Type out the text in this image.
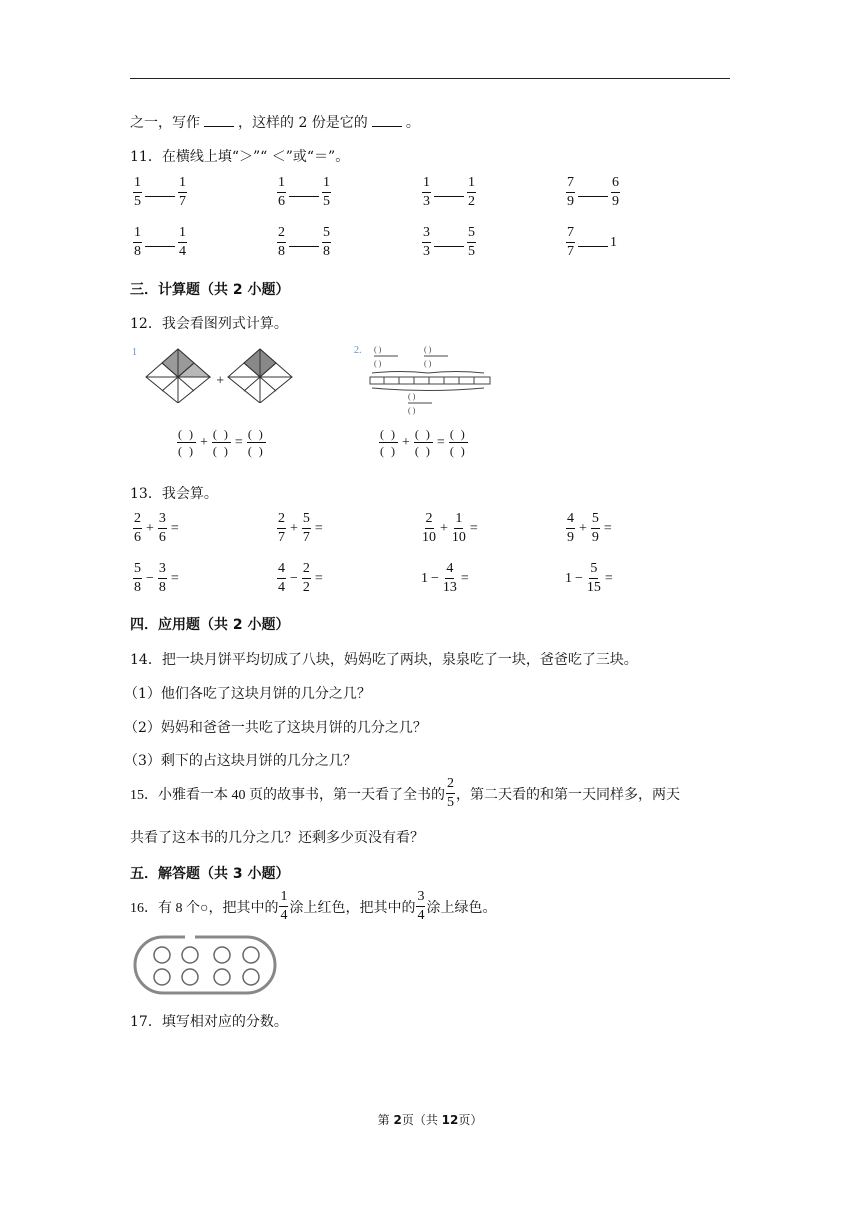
之一，写作	，这样的 2 份是它的	。
11．在横线上填“＞”“ ＜”或“＝”。
三．计算题（共 2 小题）
12．我会看图列式计算。
1
+
2. ( )
( )
( )
( )
( )
( )
$\frac{( )}{( )} + \frac{( )}{( )} = \frac{( )}{( )}$	$\frac{( )}{( )} + \frac{( )}{( )} = \frac{( )}{( )}$
13．我会算。
四．应用题（共 2 小题）
14．把一块月饼平均切成了八块，妈妈吃了两块，泉泉吃了一块，爸爸吃了三块。
（1）他们各吃了这块月饼的几分之几？
（2）妈妈和爸爸一共吃了这块月饼的几分之几？
（3）剩下的占这块月饼的几分之几？
15．小雅看一本 40 页的故事书，第一天看了全书的 $\frac{2}{5}$ ，第二天看的和第一天同样多，两天
共看了这本书的几分之几？还剩多少页没有看？
五．解答题（共 3 小题）
16．有 8 个○，把其中的 $\frac{1}{4}$ 涂上红色，把其中的 $\frac{3}{4}$ 涂上绿色。
17．填写相对应的分数。
第 2页（共 12页）
$\frac{1}{5}$	$\frac{1}{7}$	$\frac{1}{6}$	$\frac{1}{5}$	$\frac{1}{3}$	$\frac{1}{2}$	$\frac{7}{9}$	$\frac{6}{9}$
$\frac{1}{8}$	$\frac{1}{4}$	$\frac{2}{8}$	$\frac{5}{8}$	$\frac{3}{3}$	$\frac{5}{5}$	$\frac{7}{7}$	1
$\frac{2}{6} + \frac{3}{6}$ =	$\frac{2}{7} + \frac{5}{7}$ =	$\frac{2}{10} + \frac{1}{10}$ =	$\frac{4}{9} + \frac{5}{9}$ =
$\frac{5}{8} - \frac{3}{8}$ =	$\frac{4}{4} - \frac{2}{2}$ =	$1 - \frac{4}{13}$ =	$1 - \frac{5}{15}$ =
